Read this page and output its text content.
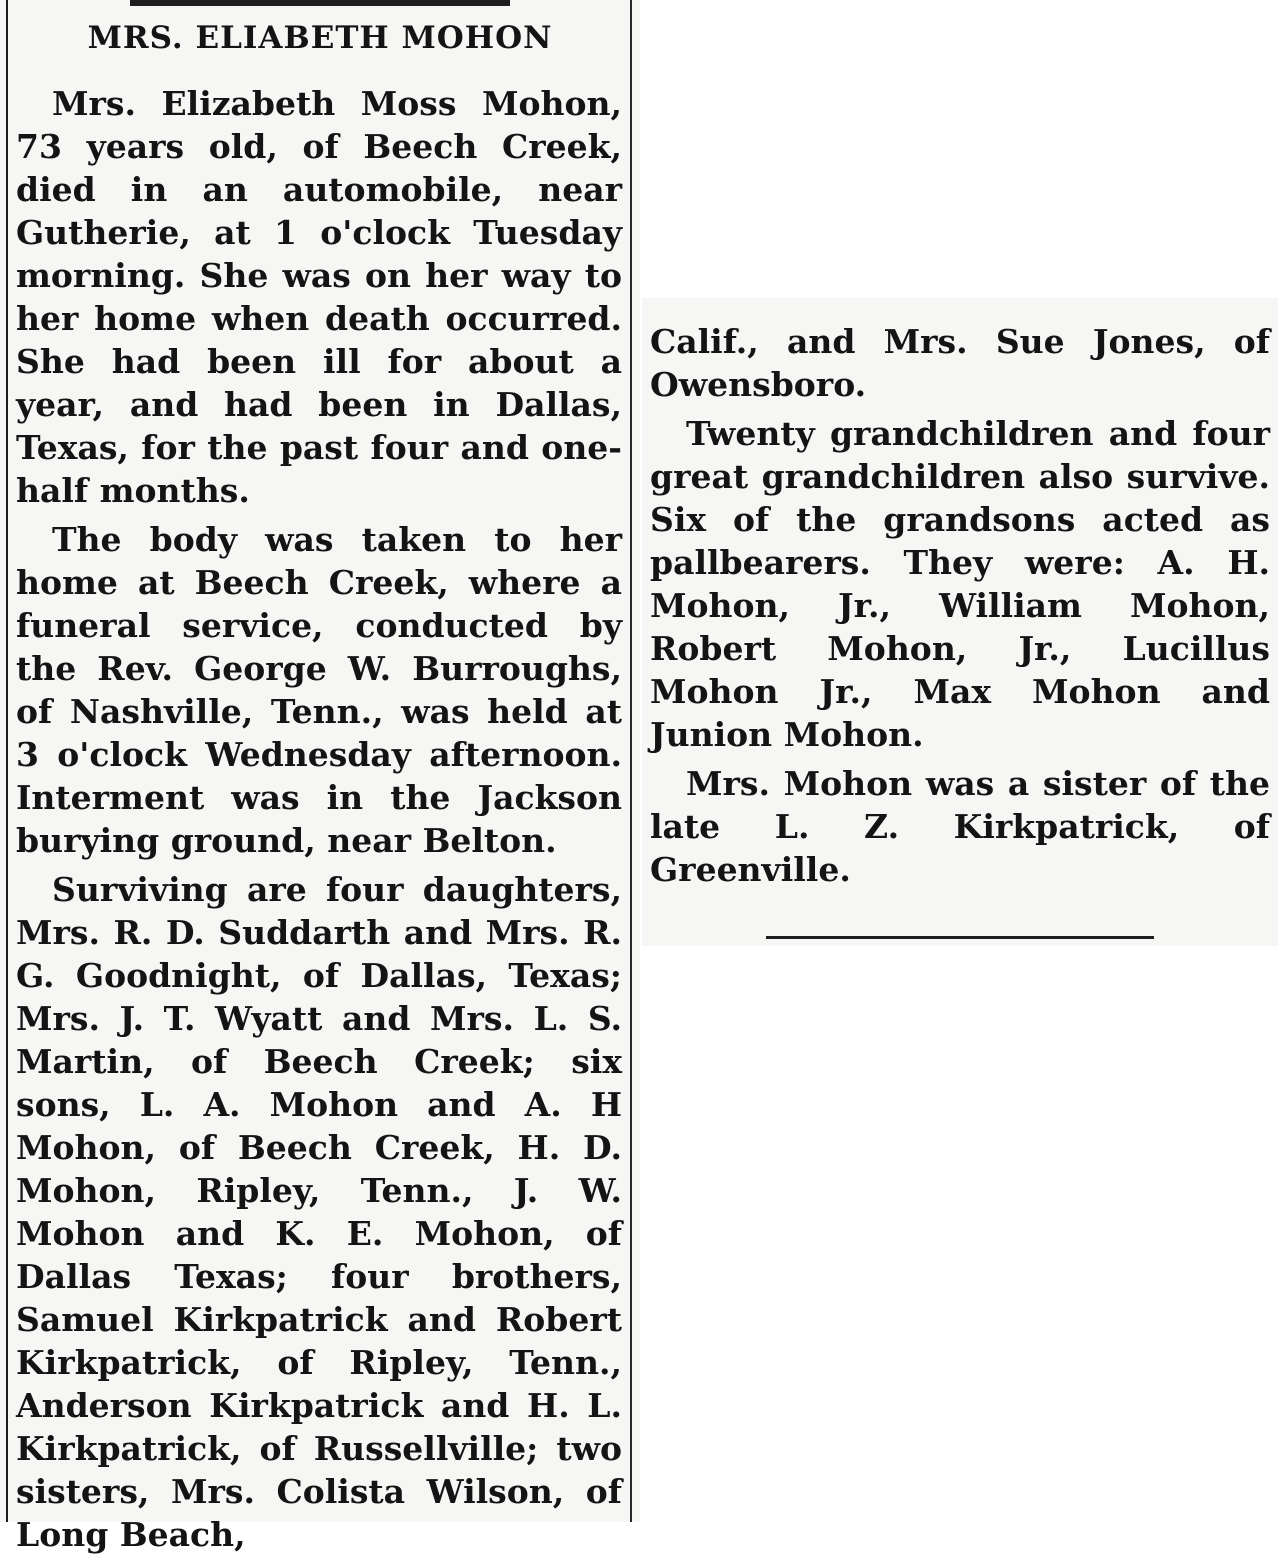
MRS. ELIABETH MOHON

Mrs. Elizabeth Moss Mohon, 73 years old, of Beech Creek, died in an automobile, near Gutherie, at 1 o'clock Tuesday morning. She was on her way to her home when death occurred. She had been ill for about a year, and had been in Dallas, Texas, for the past four and one-half months.

The body was taken to her home at Beech Creek, where a funeral service, conducted by the Rev. George W. Burroughs, of Nashville, Tenn., was held at 3 o'clock Wednesday afternoon. Interment was in the Jackson burying ground, near Belton.

Surviving are four daughters, Mrs. R. D. Suddarth and Mrs. R. G. Goodnight, of Dallas, Texas; Mrs. J. T. Wyatt and Mrs. L. S. Martin, of Beech Creek; six sons, L. A. Mohon and A. H Mohon, of Beech Creek, H. D. Mohon, Ripley, Tenn., J. W. Mohon and K. E. Mohon, of Dallas Texas; four brothers, Samuel Kirkpatrick and Robert Kirkpatrick, of Ripley, Tenn., Anderson Kirkpatrick and H. L. Kirkpatrick, of Russellville; two sisters, Mrs. Colista Wilson, of Long Beach,

Calif., and Mrs. Sue Jones, of Owensboro.

Twenty grandchildren and four great grandchildren also survive. Six of the grandsons acted as pallbearers. They were: A. H. Mohon, Jr., William Mohon, Robert Mohon, Jr., Lucillus Mohon Jr., Max Mohon and Junion Mohon.

Mrs. Mohon was a sister of the late L. Z. Kirkpatrick, of Greenville.
